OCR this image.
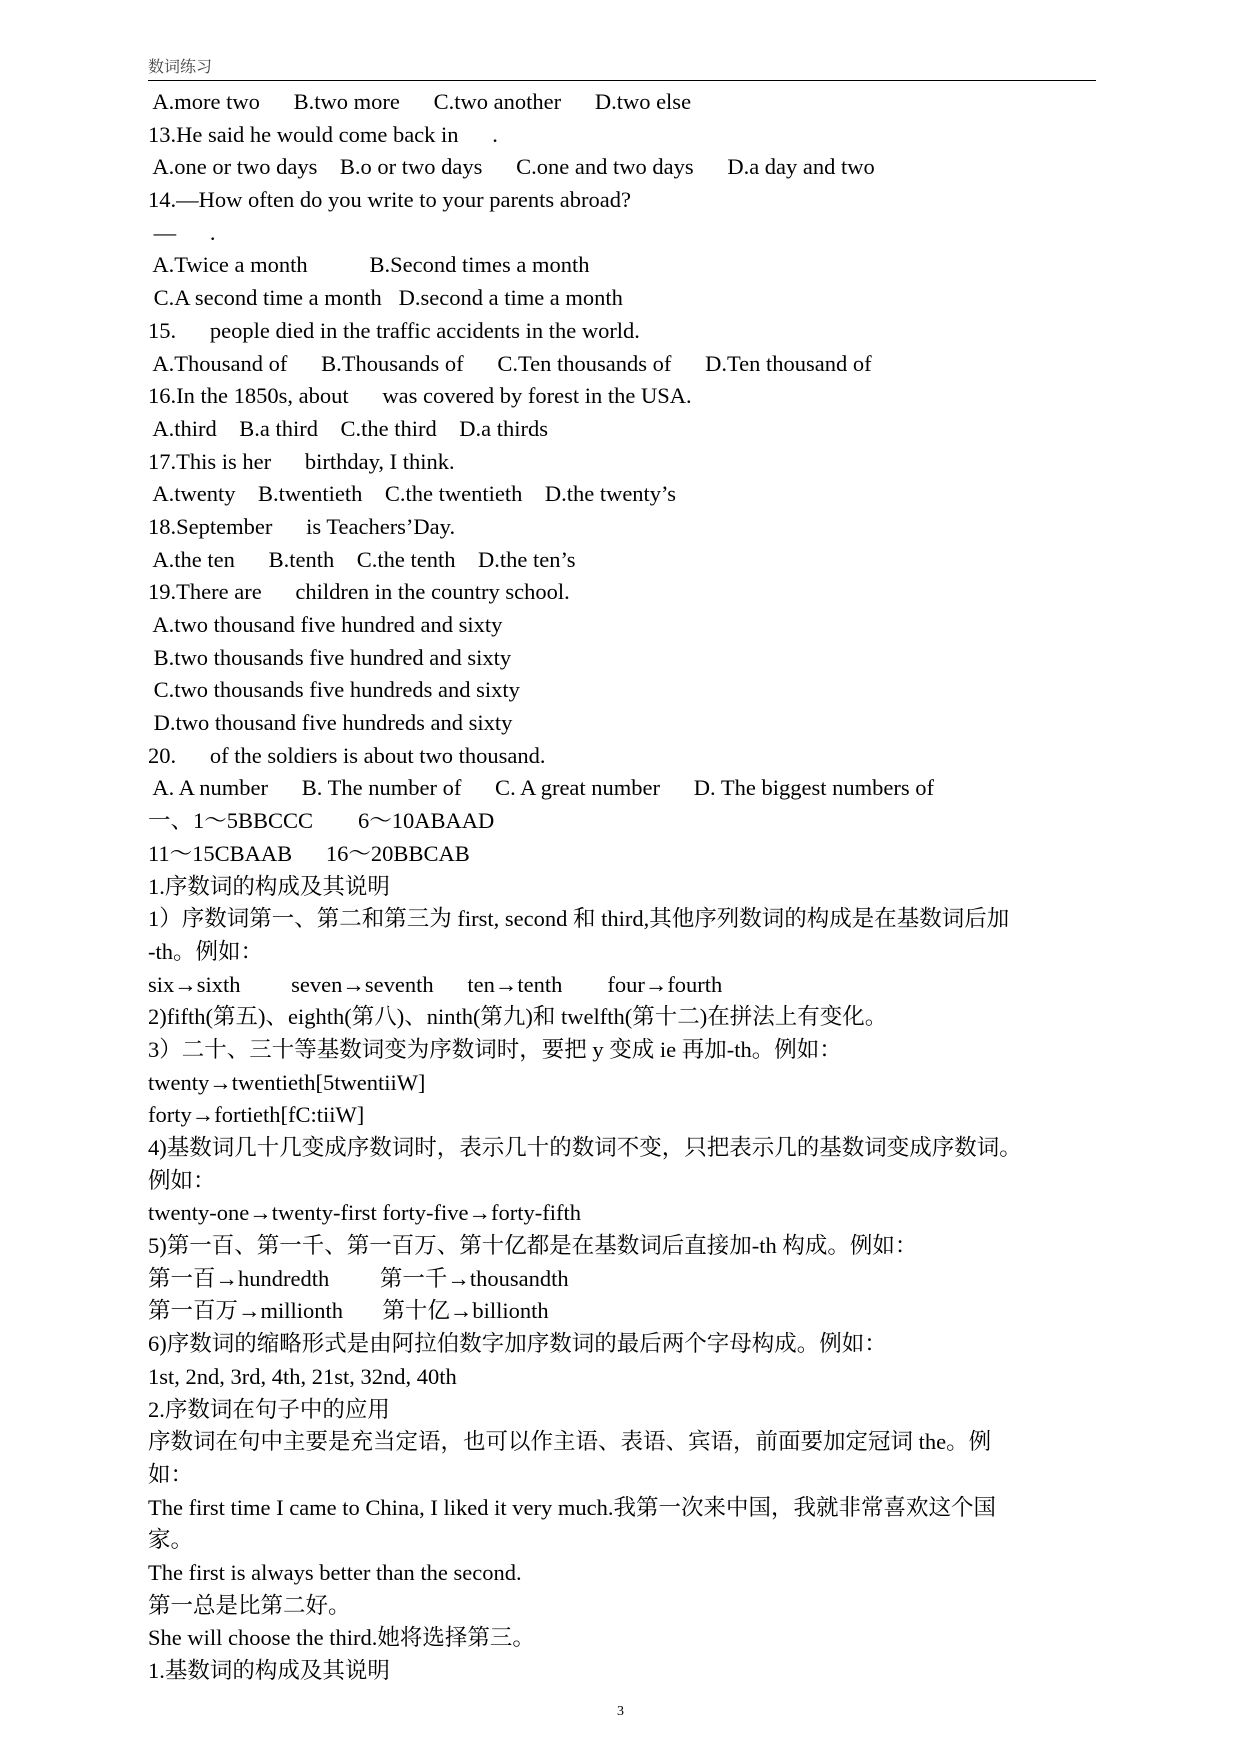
数词练习
A.more two      B.two more      C.two another      D.two else
13.He said he would come back in      .
A.one or two days    B.o or two days      C.one and two days      D.a day and two
14.—How often do you write to your parents abroad?
—      .
A.Twice a month           B.Second times a month
C.A second time a month   D.second a time a month
15.      people died in the traffic accidents in the world.
A.Thousand of      B.Thousands of      C.Ten thousands of      D.Ten thousand of
16.In the 1850s, about      was covered by forest in the USA.
A.third    B.a third    C.the third    D.a thirds
17.This is her      birthday, I think.
A.twenty    B.twentieth    C.the twentieth    D.the twenty’s
18.September      is Teachers’Day.
A.the ten      B.tenth    C.the tenth    D.the ten’s
19.There are      children in the country school.
A.two thousand five hundred and sixty
B.two thousands five hundred and sixty
C.two thousands five hundreds and sixty
D.two thousand five hundreds and sixty
20.      of the soldiers is about two thousand.
A. A number      B. The number of      C. A great number      D. The biggest numbers of
一、1～5BBCCC        6～10ABAAD
11～15CBAAB      16～20BBCAB
1.序数词的构成及其说明
1）序数词第一、第二和第三为 first, second 和 third,其他序列数词的构成是在基数词后加
-th。例如：
six→sixth         seven→seventh      ten→tenth        four→fourth
2)fifth(第五)、eighth(第八)、ninth(第九)和 twelfth(第十二)在拼法上有变化。
3）二十、三十等基数词变为序数词时，要把 y 变成 ie 再加-th。例如：
twenty→twentieth[5twentiiW]
forty→fortieth[fC:tiiW]
4)基数词几十几变成序数词时，表示几十的数词不变，只把表示几的基数词变成序数词。
例如：
twenty-one→twenty-first forty-five→forty-fifth
5)第一百、第一千、第一百万、第十亿都是在基数词后直接加-th 构成。例如：
第一百→hundredth         第一千→thousandth
第一百万→millionth       第十亿→billionth
6)序数词的缩略形式是由阿拉伯数字加序数词的最后两个字母构成。例如：
1st, 2nd, 3rd, 4th, 21st, 32nd, 40th
2.序数词在句子中的应用
序数词在句中主要是充当定语，也可以作主语、表语、宾语，前面要加定冠词 the。例
如：
The first time I came to China, I liked it very much.我第一次来中国，我就非常喜欢这个国
家。
The first is always better than the second.
第一总是比第二好。
She will choose the third.她将选择第三。
1.基数词的构成及其说明
3
